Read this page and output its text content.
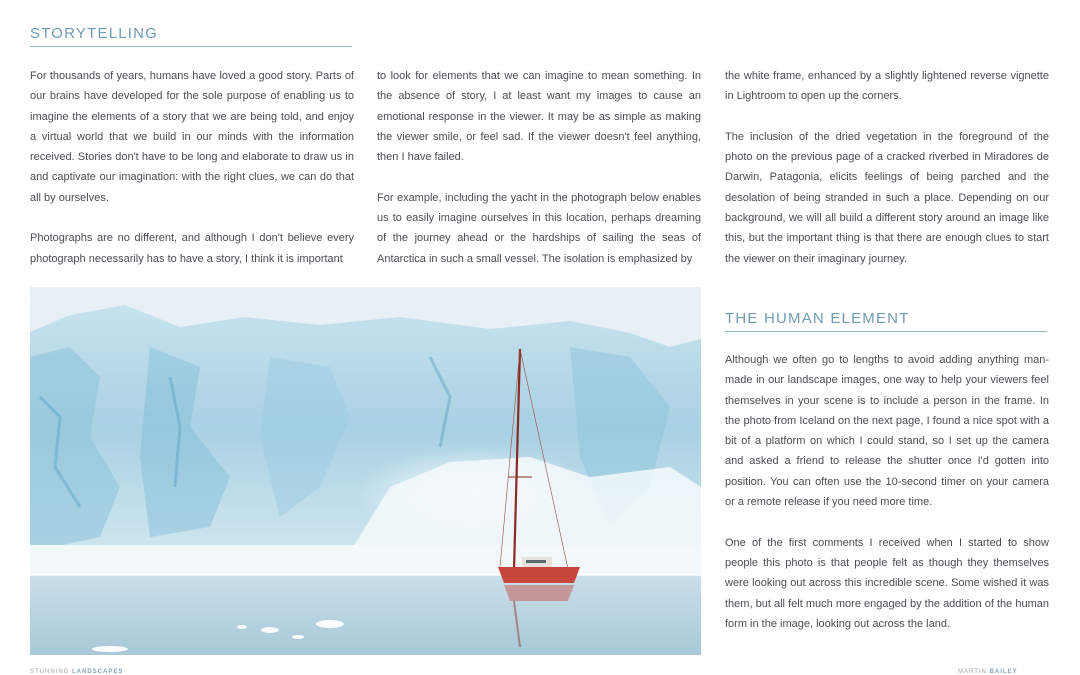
STORYTELLING

For thousands of years, humans have loved a good story. Parts of our brains have developed for the sole purpose of enabling us to imagine the elements of a story that we are being told, and enjoy a virtual world that we build in our minds with the information received. Stories don't have to be long and elaborate to draw us in and captivate our imagination: with the right clues, we can do that all by ourselves.

Photographs are no different, and although I don't believe every photograph necessarily has to have a story, I think it is important

to look for elements that we can imagine to mean something. In the absence of story, I at least want my images to cause an emotional response in the viewer. It may be as simple as making the viewer smile, or feel sad. If the viewer doesn't feel anything, then I have failed.

For example, including the yacht in the photograph below enables us to easily imagine ourselves in this location, perhaps dreaming of the journey ahead or the hardships of sailing the seas of Antarctica in such a small vessel. The isolation is emphasized by

the white frame, enhanced by a slightly lightened reverse vignette in Lightroom to open up the corners.

The inclusion of the dried vegetation in the foreground of the photo on the previous page of a cracked riverbed in Miradores de Darwin, Patagonia, elicits feelings of being parched and the desolation of being stranded in such a place. Depending on our background, we will all build a different story around an image like this, but the important thing is that there are enough clues to start the viewer on their imaginary journey.

THE HUMAN ELEMENT

Although we often go to lengths to avoid adding anything man-made in our landscape images, one way to help your viewers feel themselves in your scene is to include a person in the frame. In the photo from Iceland on the next page, I found a nice spot with a bit of a platform on which I could stand, so I set up the camera and asked a friend to release the shutter once I'd gotten into position. You can often use the 10-second timer on your camera or a remote release if you need more time.

One of the first comments I received when I started to show people this photo is that people felt as though they themselves were looking out across this incredible scene. Some wished it was them, but all felt much more engaged by the addition of the human form in the image, looking out across the land.

STUNNING LANDSCAPES	MARTIN BAILEY
